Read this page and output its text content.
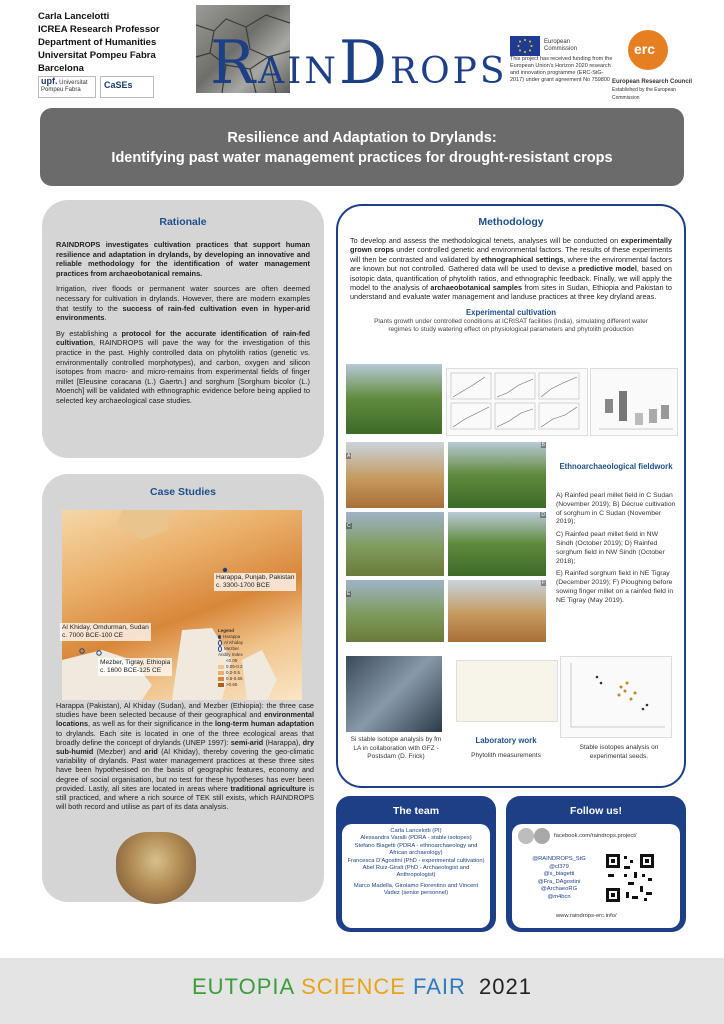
Carla Lancelotti
ICREA Research Professor
Department of Humanities
Universitat Pompeu Fabra
Barcelona
upf. Universitat
Pompeu Fabra	CaSEs	RAINDROPS
European Commission
This project has received funding from the European Union's Horizon 2020 research and innovation programme (ERC-StG-2017) under grant agreement No 759800
erc
European Research Council
Established by the European Commission
Resilience and Adaptation to Drylands:
Identifying past water management practices for drought-resistant crops
Rationale

RAINDROPS investigates cultivation practices that support human resilience and adaptation in drylands, by developing an innovative and reliable methodology for the identification of water management practices from archaeobotanical remains.

Irrigation, river floods or permanent water sources are often deemed necessary for cultivation in drylands. However, there are modern examples that testify to the success of rain-fed cultivation even in hyper-arid environments.

By establishing a protocol for the accurate identification of rain-fed cultivation, RAINDROPS will pave the way for the investigation of this practice in the past. Highly controlled data on phytolith ratios (genetic vs. environmentally controlled morphotypes), and carbon, oxygen and silicon isotopes from macro- and micro-remains from experimental fields of finger millet [Eleusine coracana (L.) Gaertn.] and sorghum [Sorghum bicolor (L.) Moench] will be validated with ethnographic evidence before being applied to selected key archaeological case studies.

Case Studies
Harappa, Punjab, Pakistan
c. 3300-1700 BCE
Al Khiday, Omdurman, Sudan
c. 7000 BCE-100 CE
Mezber, Tigray, Ethiopia
c. 1600 BCE-125 CE
Legend
Harappa
Al Khiday
Mezber
Aridity Index
<0.05
0.05-0.2
0.2-0.5
0.5-0.65
>0.65
Harappa (Pakistan), Al Khiday (Sudan), and Mezber (Ethiopia): the three case studies have been selected because of their geographical and environmental locations, as well as for their significance in the long-term human adaptation to drylands. Each site is located in one of the three ecological areas that broadly define the concept of drylands (UNEP 1997): semi-arid (Harappa), dry sub-humid (Mezber) and arid (Al Khiday), thereby covering the geo-climatic variability of drylands. Past water management practices at these three sites have been hypothesised on the basis of geographic features, economy and degree of social organisation, but no test for these hypotheses has ever been provided. Lastly, all sites are located in areas where traditional agriculture is still practiced, and where a rich source of TEK still exists, which RAINDROPS will both record and utilise as part of its data analysis.
Methodology
To develop and assess the methodological tenets, analyses will be conducted on experimentally grown crops under controlled genetic and environmental factors. The results of these experiments will then be contrasted and validated by ethnographical settings, where the environmental factors are known but not controlled. Gathered data will be used to devise a predictive model, based on isotopic data, quantification of phytolith ratios, and ethnographic feedback. Finally, we will apply the model to the analysis of archaeobotanical samples from sites in Sudan, Ethiopia and Pakistan to understand and evaluate water management and landuse practices at three key dryland areas.
Experimental cultivation
Plants growth under controlled conditions at ICRISAT facilities (India), simulating different water regimes to study watering effect on physiological parameters and phytolith production
A
B
C
D
E
F
Ethnoarchaeological fieldwork
A) Rainfed pearl millet field in C Sudan (November 2019); B) Décrue cultivation of sorghum in C Sudan (November 2019);
C) Rainfed pearl millet field in NW Sindh (October 2019); D) Rainfed sorghum field in NW Sindh (October 2018);
E) Rainfed sorghum field in NE Tigray (December 2019); F) Ploughing before sowing finger millet on a rainfed field in NE Tigray (May 2019).
Si stable isotope analysis by fm LA in collaboration with GFZ - Postsdam (D. Frick)
Laboratory work
Phytolith measurements
Stable isotopes analysis on experimental seeds.
The team
Carla Lancelotti (PI)
Alessandra Varalli (PDRA - stable isotopes)
Stefano Biagetti (PDRA - ethnoarchaeology and African archaeology)
Francesca D'Agostini (PhD - experimental cultivation)
Abel Ruiz-Giralt (PhD - Archaeologist and Anthropologist)
Marco Madella, Girolamo Fiorentino and Vincent Vadez (senior personnel)
Follow us!
facebook.com/raindrops.project/
@RAINDROPS_StG
@cl379
@s_biagetti
@Fra_DAgostini
@ArchaeoRG
@m4bcn
www.raindrops-erc.info/
EUTOPIA SCIENCE FAIR 2021
